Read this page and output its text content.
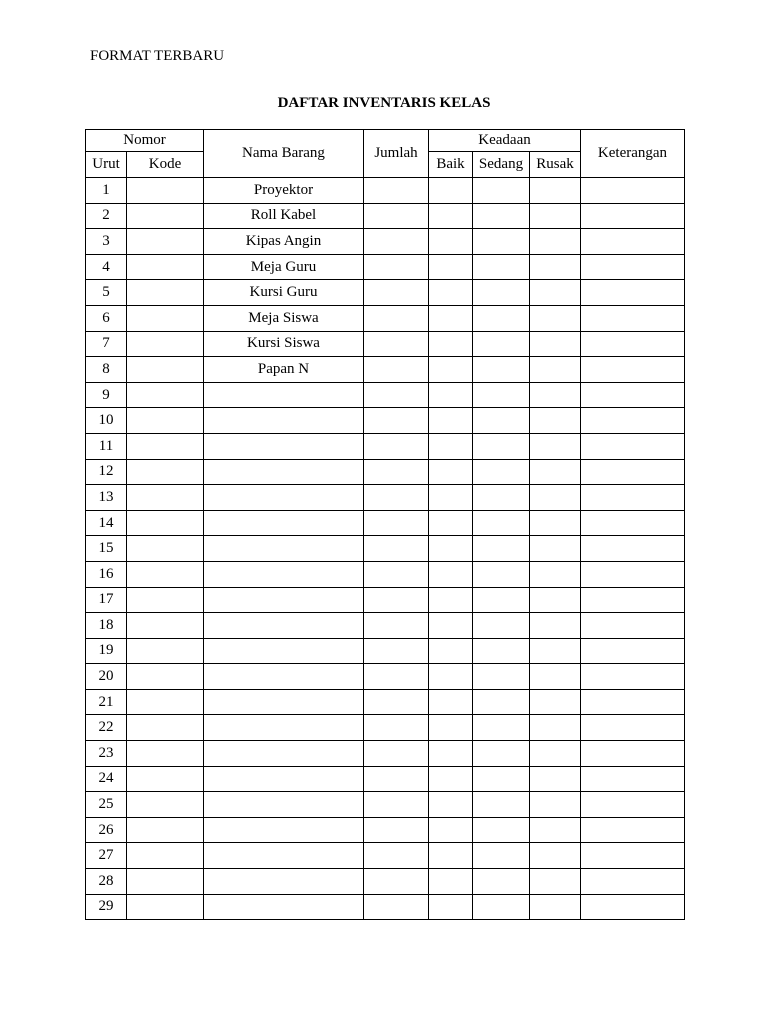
FORMAT TERBARU
DAFTAR INVENTARIS KELAS
Nomor		Nama Barang	Jumlah	Keadaan			Keterangan
Urut	Kode			Baik	Sedang	Rusak	
1		Proyektor					
2		Roll Kabel					
3		Kipas Angin					
4		Meja Guru					
5		Kursi Guru					
6		Meja Siswa					
7		Kursi Siswa					
8		Papan N					
9							
10							
11							
12							
13							
14							
15							
16							
17							
18							
19							
20							
21							
22							
23							
24							
25							
26							
27							
28							
29							
